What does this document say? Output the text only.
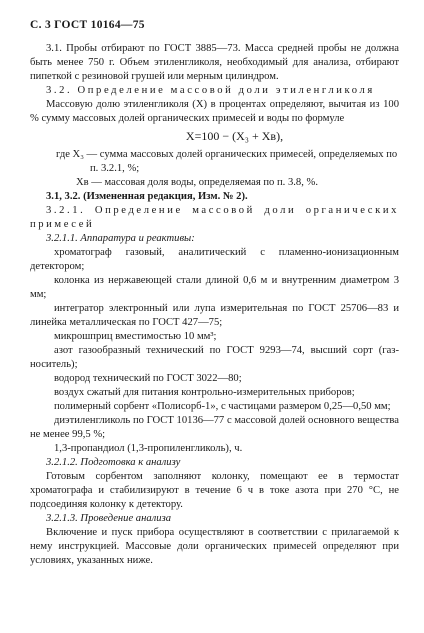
С. 3 ГОСТ 10164—75

3.1. Пробы отбирают по ГОСТ 3885—73. Масса средней пробы не должна быть менее 750 г. Объем этиленгликоля, необходимый для анализа, отбирают пипеткой с резиновой грушей или мерным цилиндром.

3.2. Определение массовой доли этиленгликоля

Массовую долю этиленгликоля (X) в процентах определяют, вычитая из 100 % сумму массовых долей органических примесей и воды по формуле

X=100 − (X₃ + Xв),
где X₃ — сумма массовых долей органических примесей, определяемых по п. 3.2.1, %;
Xв — массовая доля воды, определяемая по п. 3.8, %.

3.1, 3.2. (Измененная редакция, Изм. № 2).

3.2.1. Определение массовой доли органических примесей

3.2.1.1. Аппаратура и реактивы:

хроматограф газовый, аналитический с пламенно-ионизационным детектором;

колонка из нержавеющей стали длиной 0,6 м и внутренним диаметром 3 мм;

интегратор электронный или лупа измерительная по ГОСТ 25706—83 и линейка металлическая по ГОСТ 427—75;

микрошприц вместимостью 10 мм³;

азот газообразный технический по ГОСТ 9293—74, высший сорт (газ-носитель);

водород технический по ГОСТ 3022—80;

воздух сжатый для питания контрольно-измерительных приборов;

полимерный сорбент «Полисорб-1», с частицами размером 0,25—0,50 мм;

диэтиленгликоль по ГОСТ 10136—77 с массовой долей основного вещества не менее 99,5 %;

1,3-пропандиол (1,3-пропиленгликоль), ч.

3.2.1.2. Подготовка к анализу

Готовым сорбентом заполняют колонку, помещают ее в термостат хроматографа и стабилизируют в течение 6 ч в токе азота при 270 °С, не подсоединяя колонку к детектору.

3.2.1.3. Проведение анализа

Включение и пуск прибора осуществляют в соответствии с прилагаемой к нему инструкцией. Массовые доли органических примесей определяют при условиях, указанных ниже.
